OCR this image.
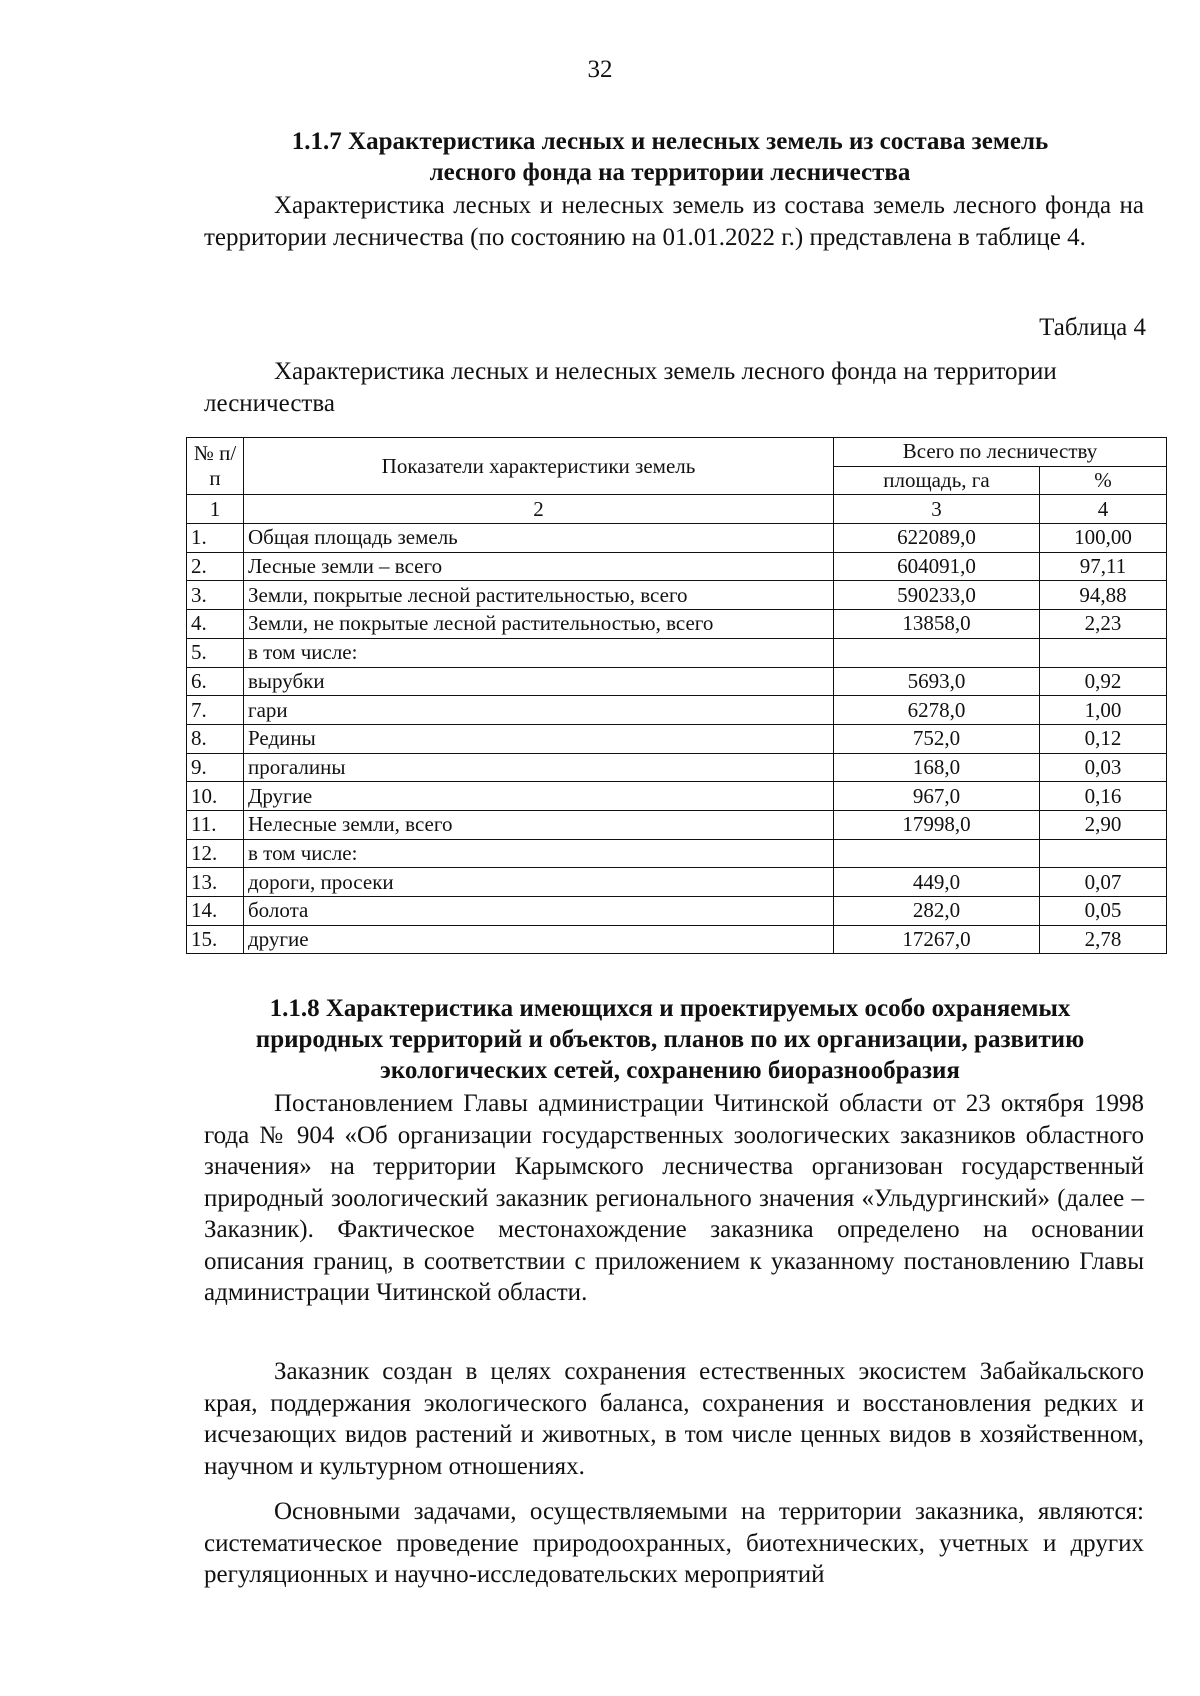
32
1.1.7 Характеристика лесных и нелесных земель из состава земель
лесного фонда на территории лесничества

Характеристика лесных и нелесных земель из состава земель лесного фонда на территории лесничества (по состоянию на 01.01.2022 г.) представлена в таблице 4.

Таблица 4

Характеристика лесных и нелесных земель лесного фонда на территории лесничества

№ п/п	Показатели характеристики земель	Всего по лесничеству	
		площадь, га	%
1	2	3	4
1.	Общая площадь земель	622089,0	100,00
2.	Лесные земли – всего	604091,0	97,11
3.	Земли, покрытые лесной растительностью, всего	590233,0	94,88
4.	Земли, не покрытые лесной растительностью, всего	13858,0	2,23
5.	в том числе:		
6.	вырубки	5693,0	0,92
7.	гари	6278,0	1,00
8.	Редины	752,0	0,12
9.	прогалины	168,0	0,03
10.	Другие	967,0	0,16
11.	Нелесные земли, всего	17998,0	2,90
12.	в том числе:		
13.	дороги, просеки	449,0	0,07
14.	болота	282,0	0,05
15.	другие	17267,0	2,78
1.1.8 Характеристика имеющихся и проектируемых особо охраняемых
природных территорий и объектов, планов по их организации, развитию
экологических сетей, сохранению биоразнообразия

Постановлением Главы администрации Читинской области от 23 октября 1998 года № 904 «Об организации государственных зоологических заказников областного значения» на территории Карымского лесничества организован государственный природный зоологический заказник регионального значения «Ульдургинский» (далее – Заказник). Фактическое местонахождение заказника определено на основании описания границ, в соответствии с приложением к указанному постановлению Главы администрации Читинской области.

Заказник создан в целях сохранения естественных экосистем Забайкальского края, поддержания экологического баланса, сохранения и восстановления редких и исчезающих видов растений и животных, в том числе ценных видов в хозяйственном, научном и культурном отношениях.

Основными задачами, осуществляемыми на территории заказника, являются: систематическое проведение природоохранных, биотехнических, учетных и других регуляционных и научно-исследовательских мероприятий
